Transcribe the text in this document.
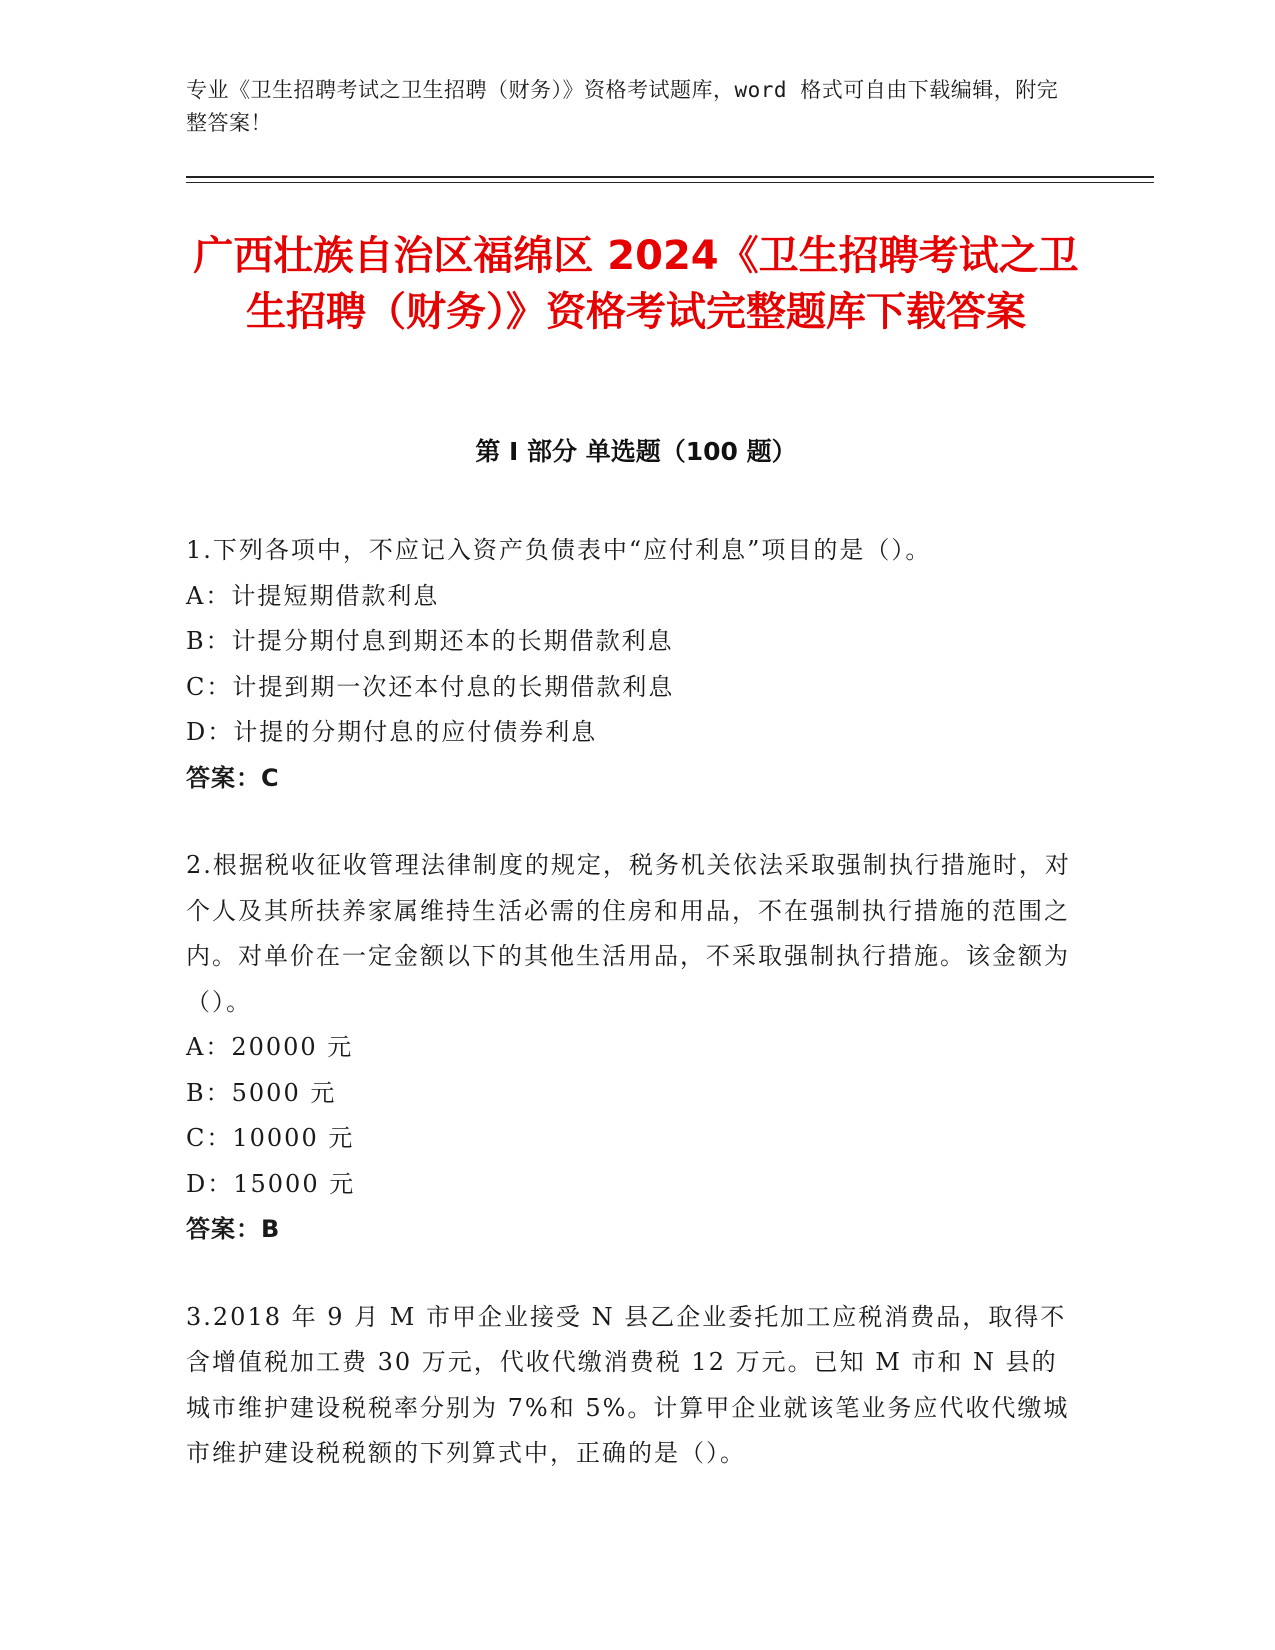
专业《卫生招聘考试之卫生招聘（财务）》资格考试题库，word 格式可自由下载编辑，附完整答案！
广西壮族自治区福绵区 2024《卫生招聘考试之卫生招聘（财务）》资格考试完整题库下载答案
第 I 部分 单选题（100 题）

1.下列各项中，不应记入资产负债表中“应付利息”项目的是（）。

A：计提短期借款利息

B：计提分期付息到期还本的长期借款利息

C：计提到期一次还本付息的长期借款利息

D：计提的分期付息的应付债券利息

答案：C

2.根据税收征收管理法律制度的规定，税务机关依法采取强制执行措施时，对个人及其所扶养家属维持生活必需的住房和用品，不在强制执行措施的范围之内。对单价在一定金额以下的其他生活用品，不采取强制执行措施。该金额为（）。

A：20000 元

B：5000 元

C：10000 元

D：15000 元

答案：B

3.2018 年 9 月 M 市甲企业接受 N 县乙企业委托加工应税消费品，取得不含增值税加工费 30 万元，代收代缴消费税 12 万元。已知 M 市和 N 县的城市维护建设税税率分别为 7%和 5%。计算甲企业就该笔业务应代收代缴城市维护建设税税额的下列算式中，正确的是（）。
